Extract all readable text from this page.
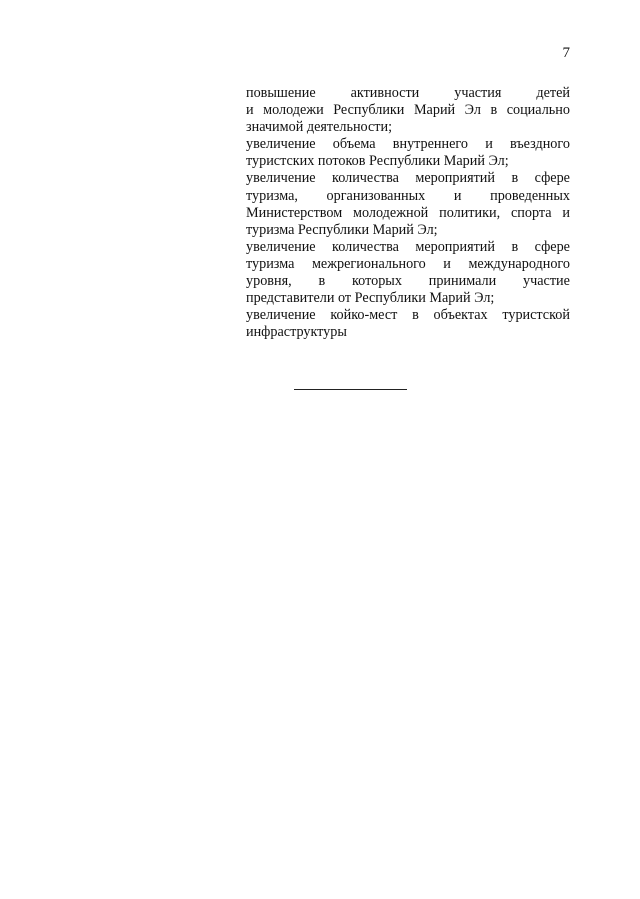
7
повышение активности участия детей
и молодежи Республики Марий Эл в социально
значимой деятельности;
увеличение объема внутреннего и въездного
туристских потоков Республики Марий Эл;
увеличение количества мероприятий в сфере
туризма, организованных и проведенных
Министерством молодежной политики, спорта и
туризма Республики Марий Эл;
увеличение количества мероприятий в сфере
туризма межрегионального и международного
уровня, в которых принимали участие
представители от Республики Марий Эл;
увеличение койко-мест в объектах туристской
инфраструктуры
